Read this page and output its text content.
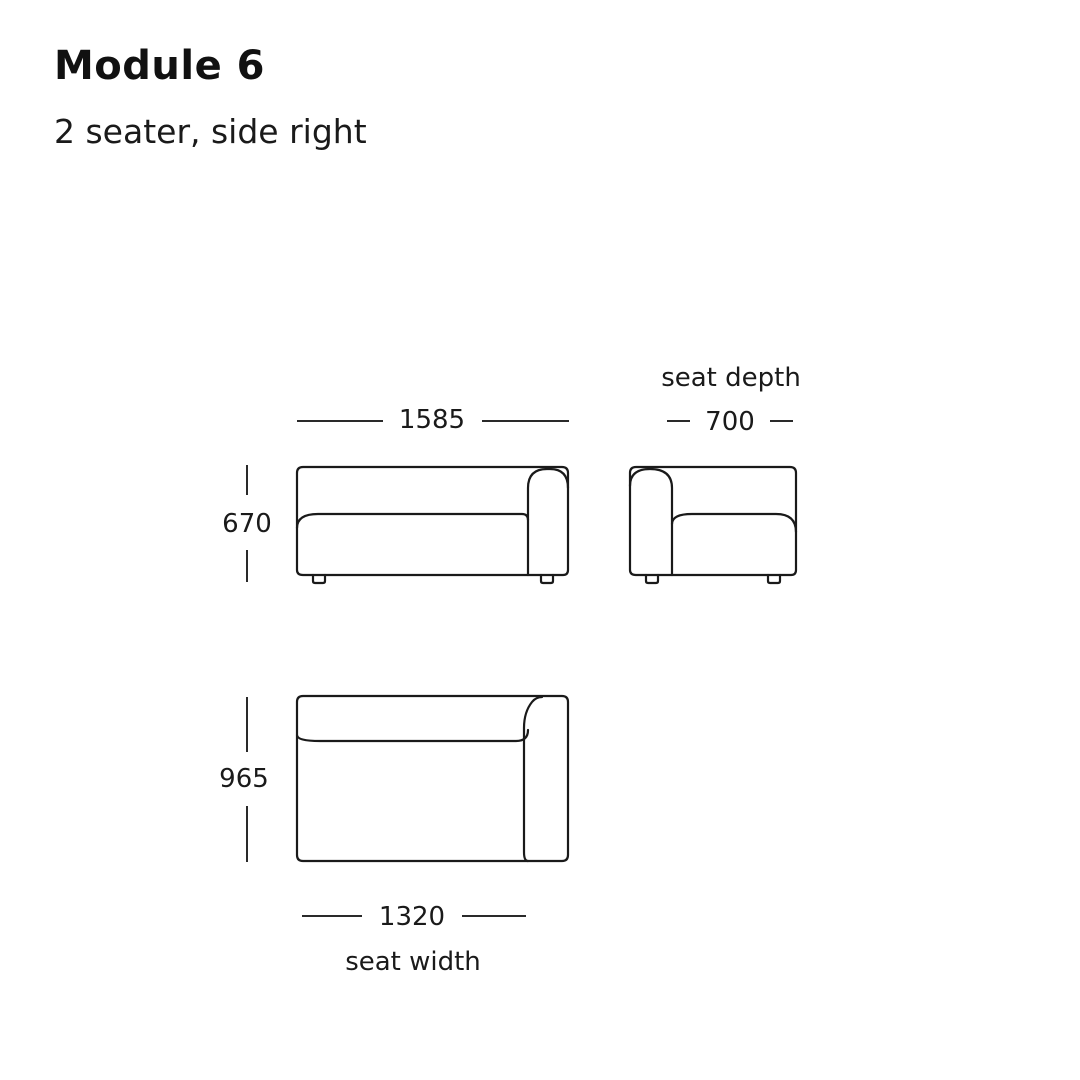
Module 6
2 seater, side right
1585
670
seat depth
700
965
1320
seat width
